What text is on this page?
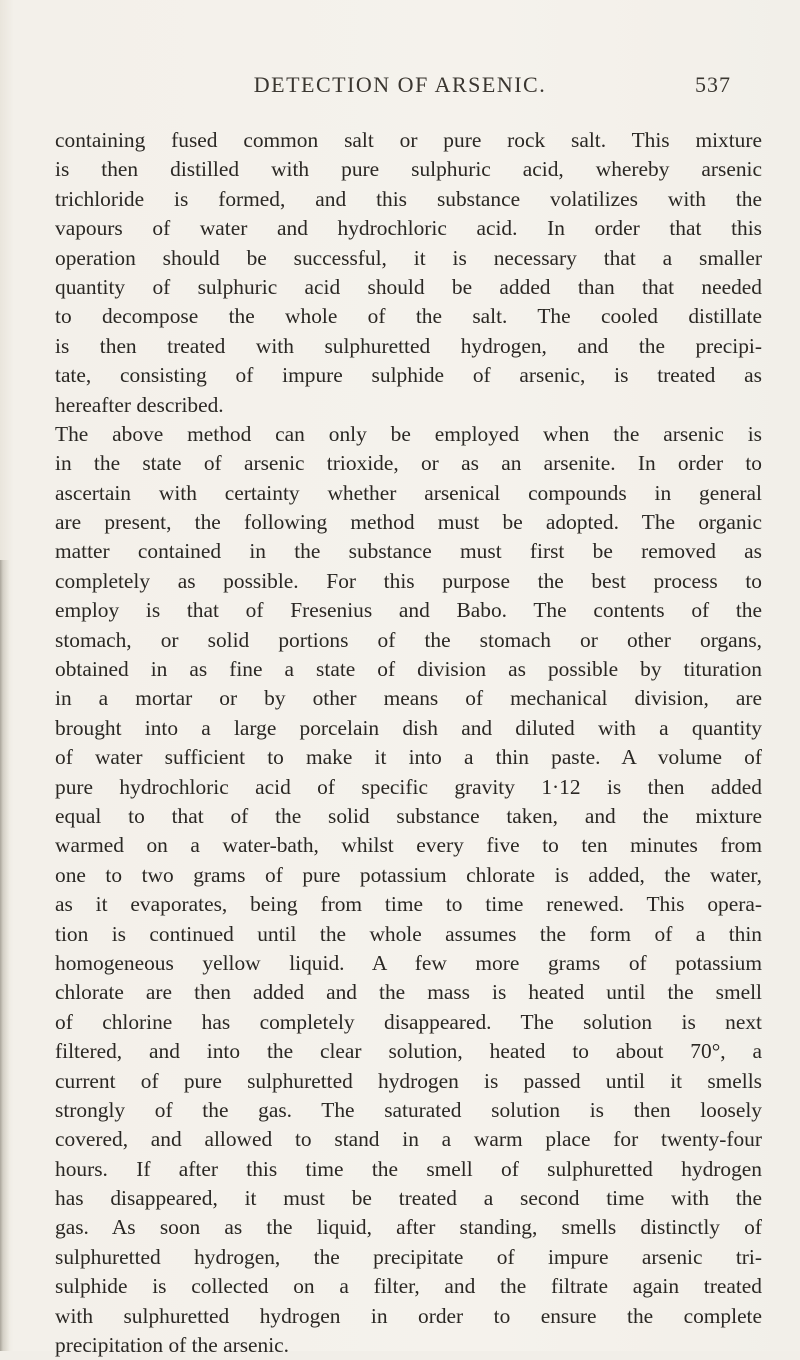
DETECTION OF ARSENIC.	537
containing fused common salt or pure rock salt. This mixture
is then distilled with pure sulphuric acid, whereby arsenic
trichloride is formed, and this substance volatilizes with the
vapours of water and hydrochloric acid. In order that this
operation should be successful, it is necessary that a smaller
quantity of sulphuric acid should be added than that needed
to decompose the whole of the salt. The cooled distillate
is then treated with sulphuretted hydrogen, and the precipi-
tate, consisting of impure sulphide of arsenic, is treated as
hereafter described.
The above method can only be employed when the arsenic is
in the state of arsenic trioxide, or as an arsenite. In order to
ascertain with certainty whether arsenical compounds in general
are present, the following method must be adopted. The organic
matter contained in the substance must first be removed as
completely as possible. For this purpose the best process to
employ is that of Fresenius and Babo. The contents of the
stomach, or solid portions of the stomach or other organs,
obtained in as fine a state of division as possible by tituration
in a mortar or by other means of mechanical division, are
brought into a large porcelain dish and diluted with a quantity
of water sufficient to make it into a thin paste. A volume of
pure hydrochloric acid of specific gravity 1·12 is then added
equal to that of the solid substance taken, and the mixture
warmed on a water-bath, whilst every five to ten minutes from
one to two grams of pure potassium chlorate is added, the water,
as it evaporates, being from time to time renewed. This opera-
tion is continued until the whole assumes the form of a thin
homogeneous yellow liquid. A few more grams of potassium
chlorate are then added and the mass is heated until the smell
of chlorine has completely disappeared. The solution is next
filtered, and into the clear solution, heated to about 70°, a
current of pure sulphuretted hydrogen is passed until it smells
strongly of the gas. The saturated solution is then loosely
covered, and allowed to stand in a warm place for twenty-four
hours. If after this time the smell of sulphuretted hydrogen
has disappeared, it must be treated a second time with the
gas. As soon as the liquid, after standing, smells distinctly of
sulphuretted hydrogen, the precipitate of impure arsenic tri-
sulphide is collected on a filter, and the filtrate again treated
with sulphuretted hydrogen in order to ensure the complete
precipitation of the arsenic.
